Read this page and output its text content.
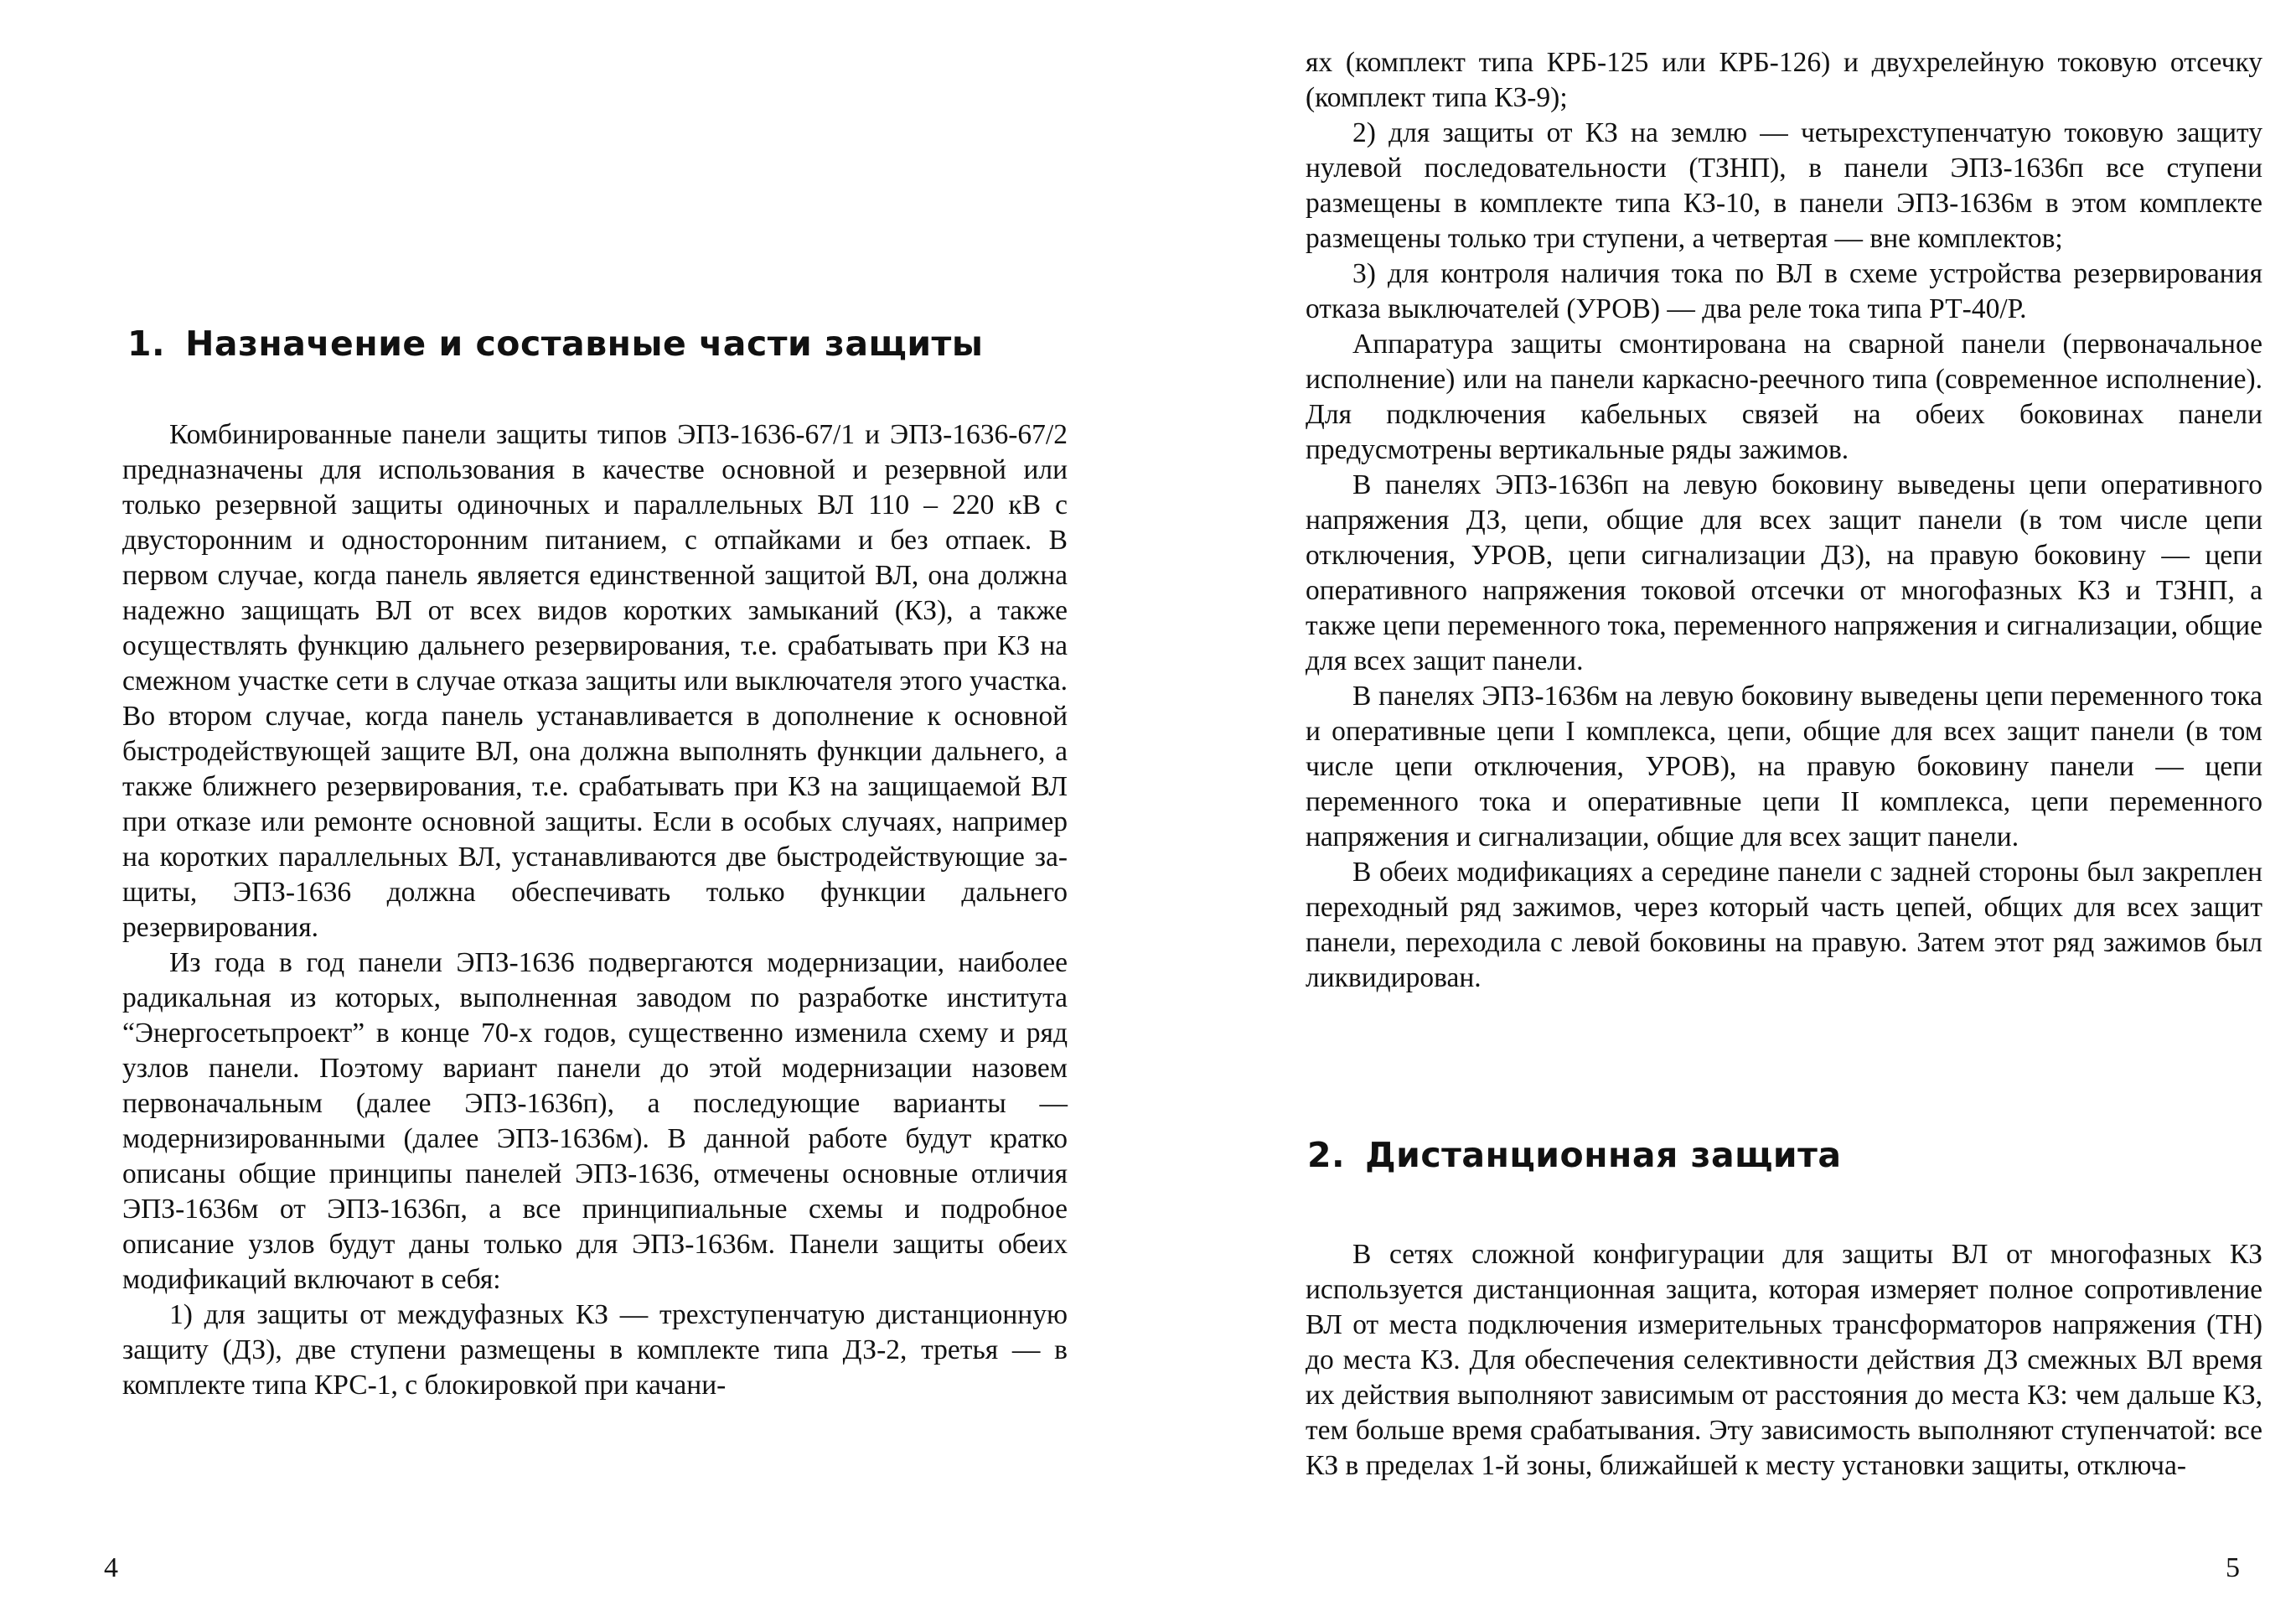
1. Назначение и составные части защиты

Комбинированные панели защиты типов ЭПЗ-1636-67/1 и ЭПЗ-1636-67/2 предназначены для использования в качестве основной и резервной или только резервной защиты одиночных и параллельных ВЛ 110 – 220 кВ с двусторонним и односторонним питанием, с отпайками и без отпаек. В первом случае, когда панель является единственной защитой ВЛ, она должна надежно защищать ВЛ от всех видов коротких замыканий (КЗ), а также осуществлять функцию дальнего резервирования, т.е. срабатывать при КЗ на смежном участке сети в случае отказа защиты или выключателя этого участка. Во втором случае, когда панель устанавливается в дополнение к основной быстродействующей защите ВЛ, она должна выполнять функции дальнего, а также ближнего резервирования, т.е. срабатывать при КЗ на защищаемой ВЛ при отказе или ремонте основной защиты. Если в особых случаях, например на коротких параллельных ВЛ, устанавливаются две быстродействующие защиты, ЭПЗ-1636 должна обеспечивать только функции дальнего резервирования.

Из года в год панели ЭПЗ-1636 подвергаются модернизации, наиболее радикальная из которых, выполненная заводом по разработке института “Энергосетьпроект” в конце 70-х годов, существенно изменила схему и ряд узлов панели. Поэтому вариант панели до этой модернизации назовем первоначальным (далее ЭПЗ-1636п), а последующие варианты — модернизированными (далее ЭПЗ-1636м). В данной работе будут кратко описаны общие принципы панелей ЭПЗ-1636, отмечены основные отличия ЭПЗ-1636м от ЭПЗ-1636п, а все принципиальные схемы и подробное описание узлов будут даны только для ЭПЗ-1636м. Панели защиты обеих модификаций включают в себя:

1) для защиты от междуфазных КЗ — трехступенчатую дистанционную защиту (ДЗ), две ступени размещены в комплекте типа ДЗ-2, третья — в комплекте типа КРС-1, с блокировкой при качани-

4

ях (комплект типа КРБ-125 или КРБ-126) и двухрелейную токовую отсечку (комплект типа КЗ-9);

2) для защиты от КЗ на землю — четырехступенчатую токовую защиту нулевой последовательности (ТЗНП), в панели ЭПЗ-1636п все ступени размещены в комплекте типа КЗ-10, в панели ЭПЗ-1636м в этом комплекте размещены только три ступени, а четвертая — вне комплектов;

3) для контроля наличия тока по ВЛ в схеме устройства резервирования отказа выключателей (УРОВ) — два реле тока типа РТ-40/Р.

Аппаратура защиты смонтирована на сварной панели (первоначальное исполнение) или на панели каркасно-реечного типа (современное исполнение). Для подключения кабельных связей на обеих боковинах панели предусмотрены вертикальные ряды зажимов.

В панелях ЭПЗ-1636п на левую боковину выведены цепи оперативного напряжения ДЗ, цепи, общие для всех защит панели (в том числе цепи отключения, УРОВ, цепи сигнализации ДЗ), на правую боковину — цепи оперативного напряжения токовой отсечки от многофазных КЗ и ТЗНП, а также цепи переменного тока, переменного напряжения и сигнализации, общие для всех защит панели.

В панелях ЭПЗ-1636м на левую боковину выведены цепи переменного тока и оперативные цепи I комплекса, цепи, общие для всех защит панели (в том числе цепи отключения, УРОВ), на правую боковину панели — цепи переменного тока и оперативные цепи II комплекса, цепи переменного напряжения и сигнализации, общие для всех защит панели.

В обеих модификациях а середине панели с задней стороны был закреплен переходный ряд зажимов, через который часть цепей, общих для всех защит панели, переходила с левой боковины на правую. Затем этот ряд зажимов был ликвидирован.

2. Дистанционная защита

В сетях сложной конфигурации для защиты ВЛ от многофазных КЗ используется дистанционная защита, которая измеряет полное сопротивление ВЛ от места подключения измерительных трансформаторов напряжения (ТН) до места КЗ. Для обеспечения селективности действия ДЗ смежных ВЛ время их действия выполняют зависимым от расстояния до места КЗ: чем дальше КЗ, тем больше время срабатывания. Эту зависимость выполняют ступенчатой: все КЗ в пределах 1-й зоны, ближайшей к месту установки защиты, отключа-

5
